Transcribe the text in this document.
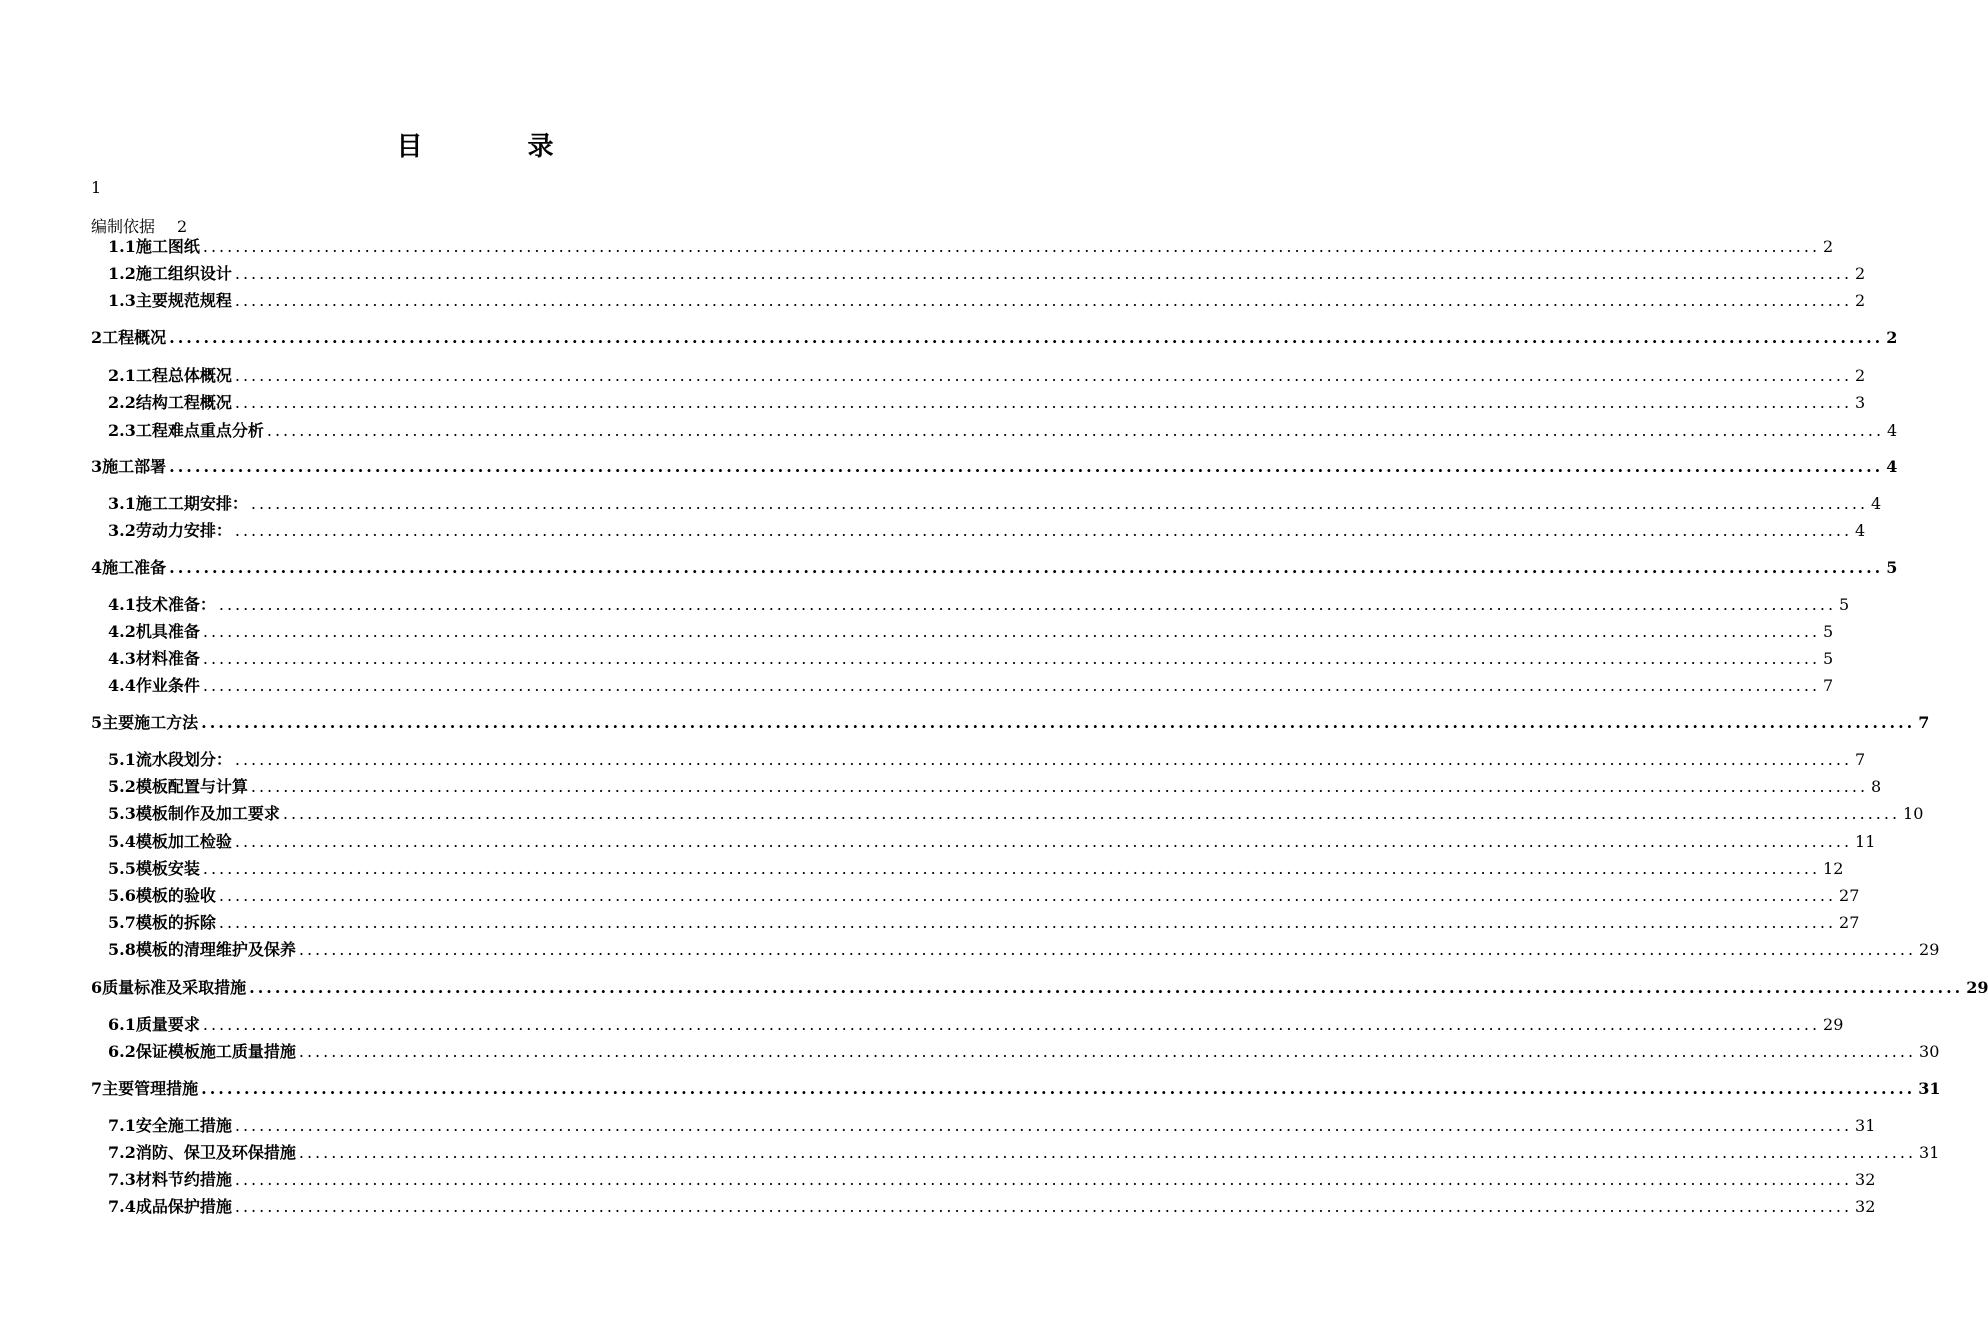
目 录
1
编制依据 2
1.1 施工图纸 ........................................................................................................................................................................................................ 2
1.2 施工组织设计 ........................................................................................................................................................................................................ 2
1.3 主要规范规程 ........................................................................................................................................................................................................ 2
2 工程概况 ........................................................................................................................................................................................................ 2
2.1 工程总体概况 ........................................................................................................................................................................................................ 2
2.2 结构工程概况 ........................................................................................................................................................................................................ 3
2.3 工程难点重点分析 ........................................................................................................................................................................................................ 4
3 施工部署 ........................................................................................................................................................................................................ 4
3.1 施工工期安排： ........................................................................................................................................................................................................ 4
3.2 劳动力安排： ........................................................................................................................................................................................................ 4
4 施工准备 ........................................................................................................................................................................................................ 5
4.1 技术准备： ........................................................................................................................................................................................................ 5
4.2 机具准备 ........................................................................................................................................................................................................ 5
4.3 材料准备 ........................................................................................................................................................................................................ 5
4.4 作业条件 ........................................................................................................................................................................................................ 7
5 主要施工方法 ........................................................................................................................................................................................................ 7
5.1 流水段划分： ........................................................................................................................................................................................................ 7
5.2 模板配置与计算 ........................................................................................................................................................................................................ 8
5.3 模板制作及加工要求 ........................................................................................................................................................................................................ 10
5.4 模板加工检验 ........................................................................................................................................................................................................ 11
5.5 模板安装 ........................................................................................................................................................................................................ 12
5.6 模板的验收 ........................................................................................................................................................................................................ 27
5.7 模板的拆除 ........................................................................................................................................................................................................ 27
5.8 模板的清理维护及保养 ........................................................................................................................................................................................................ 29
6 质量标准及采取措施 ........................................................................................................................................................................................................ 29
6.1 质量要求 ........................................................................................................................................................................................................ 29
6.2 保证模板施工质量措施 ........................................................................................................................................................................................................ 30
7 主要管理措施 ........................................................................................................................................................................................................ 31
7.1 安全施工措施 ........................................................................................................................................................................................................ 31
7.2 消防、保卫及环保措施 ........................................................................................................................................................................................................ 31
7.3 材料节约措施 ........................................................................................................................................................................................................ 32
7.4 成品保护措施 ........................................................................................................................................................................................................ 32
